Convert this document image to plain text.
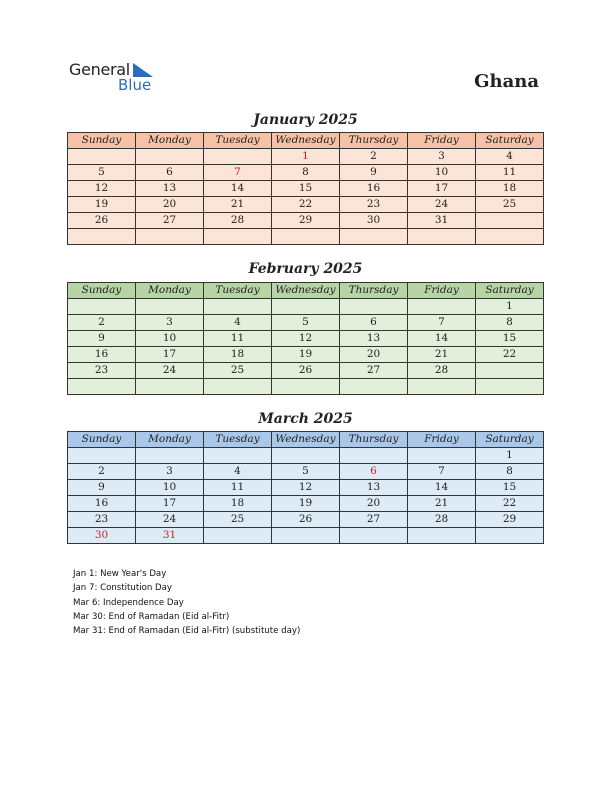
General
Blue	Ghana
January 2025
Sunday	Monday	Tuesday	Wednesday	Thursday	Friday	Saturday
			1	2	3	4
5	6	7	8	9	10	11
12	13	14	15	16	17	18
19	20	21	22	23	24	25
26	27	28	29	30	31	

February 2025
Sunday	Monday	Tuesday	Wednesday	Thursday	Friday	Saturday
						1
2	3	4	5	6	7	8
9	10	11	12	13	14	15
16	17	18	19	20	21	22
23	24	25	26	27	28	

March 2025
Sunday	Monday	Tuesday	Wednesday	Thursday	Friday	Saturday
						1
2	3	4	5	6	7	8
9	10	11	12	13	14	15
16	17	18	19	20	21	22
23	24	25	26	27	28	29
30	31					
Jan 1: New Year's Day
Jan 7: Constitution Day
Mar 6: Independence Day
Mar 30: End of Ramadan (Eid al-Fitr)
Mar 31: End of Ramadan (Eid al-Fitr) (substitute day)
